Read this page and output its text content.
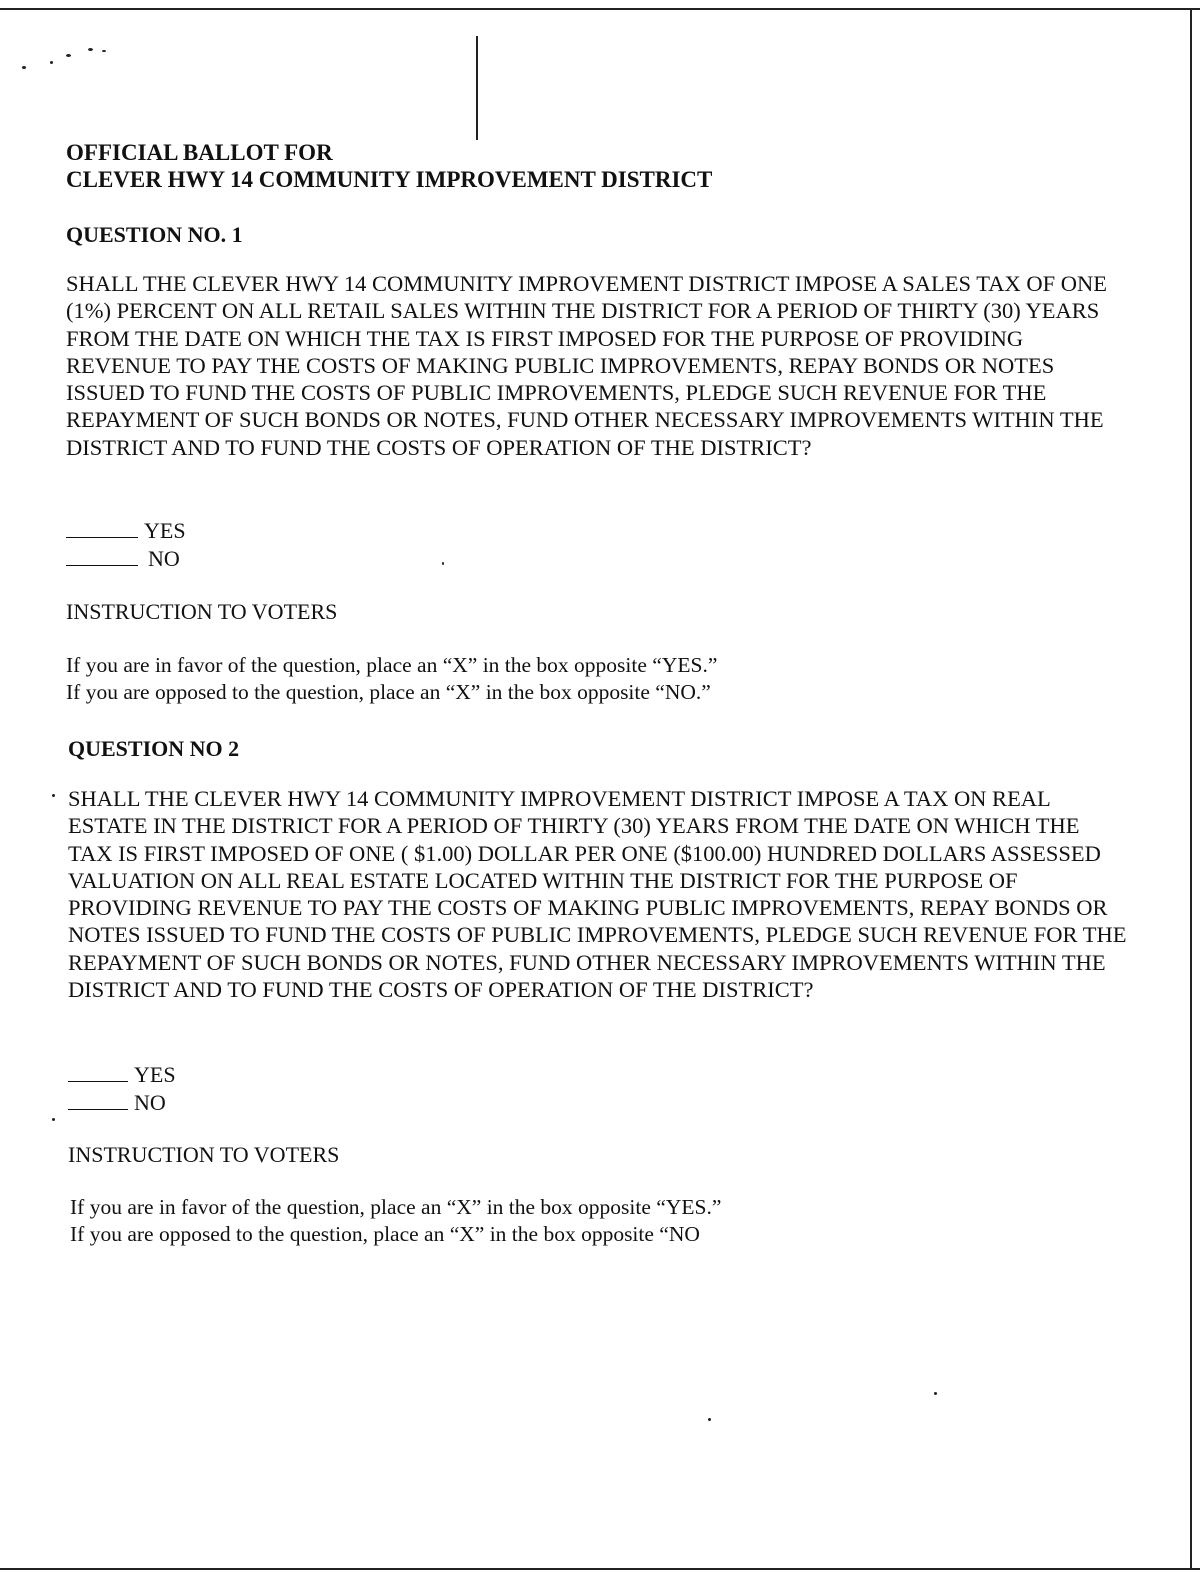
OFFICIAL BALLOT FOR
CLEVER HWY 14 COMMUNITY IMPROVEMENT DISTRICT
QUESTION NO. 1
SHALL THE CLEVER HWY 14 COMMUNITY IMPROVEMENT DISTRICT IMPOSE A SALES TAX OF ONE (1%) PERCENT ON ALL RETAIL SALES WITHIN THE DISTRICT FOR A PERIOD OF THIRTY (30) YEARS FROM THE DATE ON WHICH THE TAX IS FIRST IMPOSED FOR THE PURPOSE OF PROVIDING REVENUE TO PAY THE COSTS OF MAKING PUBLIC IMPROVEMENTS, REPAY BONDS OR NOTES ISSUED TO FUND THE COSTS OF PUBLIC IMPROVEMENTS, PLEDGE SUCH REVENUE FOR THE REPAYMENT OF SUCH BONDS OR NOTES, FUND OTHER NECESSARY IMPROVEMENTS WITHIN THE DISTRICT AND TO FUND THE COSTS OF OPERATION OF THE DISTRICT?
YES
NO
INSTRUCTION TO VOTERS
If you are in favor of the question, place an “X” in the box opposite “YES.”
If you are opposed to the question, place an “X” in the box opposite “NO.”
QUESTION NO 2
SHALL THE CLEVER HWY 14 COMMUNITY IMPROVEMENT DISTRICT IMPOSE A TAX ON REAL ESTATE IN THE DISTRICT FOR A PERIOD OF THIRTY (30) YEARS FROM THE DATE ON WHICH THE TAX IS FIRST IMPOSED OF ONE ( $1.00) DOLLAR PER ONE ($100.00) HUNDRED DOLLARS ASSESSED VALUATION ON ALL REAL ESTATE LOCATED WITHIN THE DISTRICT FOR THE PURPOSE OF PROVIDING REVENUE TO PAY THE COSTS OF MAKING PUBLIC IMPROVEMENTS, REPAY BONDS OR NOTES ISSUED TO FUND THE COSTS OF PUBLIC IMPROVEMENTS, PLEDGE SUCH REVENUE FOR THE REPAYMENT OF SUCH BONDS OR NOTES, FUND OTHER NECESSARY IMPROVEMENTS WITHIN THE DISTRICT AND TO FUND THE COSTS OF OPERATION OF THE DISTRICT?
YES
NO
INSTRUCTION TO VOTERS
If you are in favor of the question, place an “X” in the box opposite “YES.”
If you are opposed to the question, place an “X” in the box opposite “NO
